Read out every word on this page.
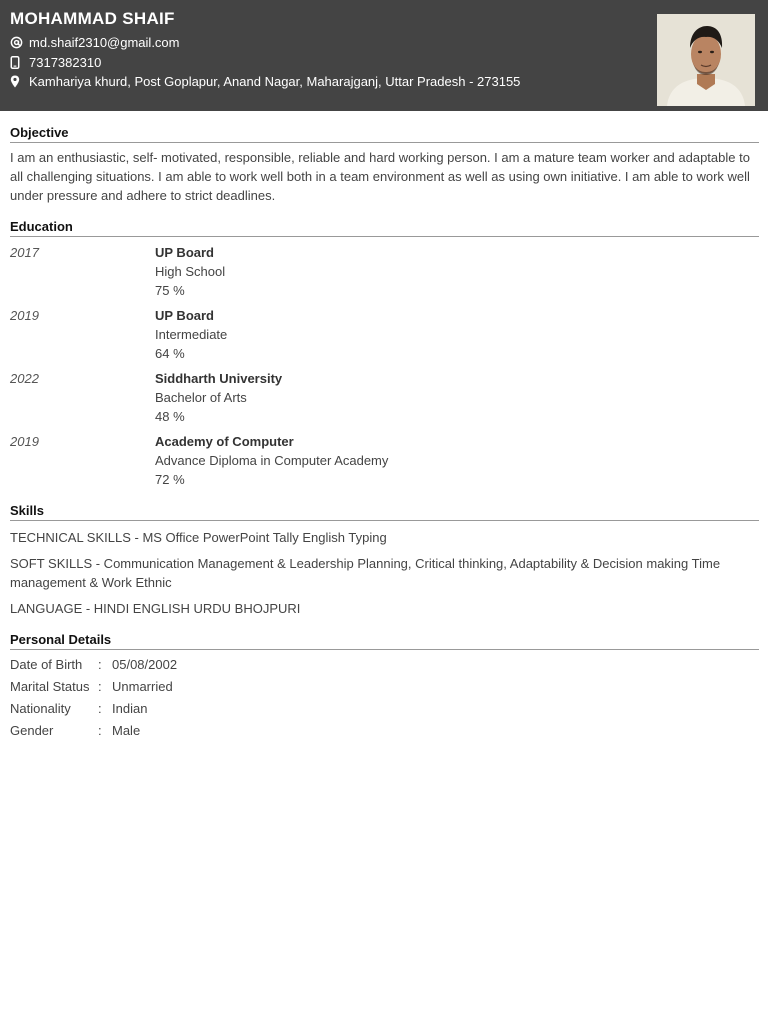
MOHAMMAD SHAIF
md.shaif2310@gmail.com
7317382310
Kamhariya khurd, Post Goplapur, Anand Nagar, Maharajganj, Uttar Pradesh - 273155
Objective
I am an enthusiastic, self- motivated, responsible, reliable and hard working person. I am a mature team worker and adaptable to all challenging situations. I am able to work well both in a team environment as well as using own initiative. I am able to work well under pressure and adhere to strict deadlines.
Education
2017	UP Board
High School
75 %
2019	UP Board
Intermediate
64 %
2022	Siddharth University
Bachelor of Arts
48 %
2019	Academy of Computer
Advance Diploma in Computer Academy
72 %
Skills
TECHNICAL SKILLS - MS Office PowerPoint Tally English Typing
SOFT SKILLS - Communication Management & Leadership Planning, Critical thinking, Adaptability & Decision making Time management & Work Ethnic
LANGUAGE - HINDI ENGLISH URDU BHOJPURI
Personal Details
Date of Birth	: 05/08/2002
Marital Status : Unmarried
Nationality	: Indian
Gender	: Male
